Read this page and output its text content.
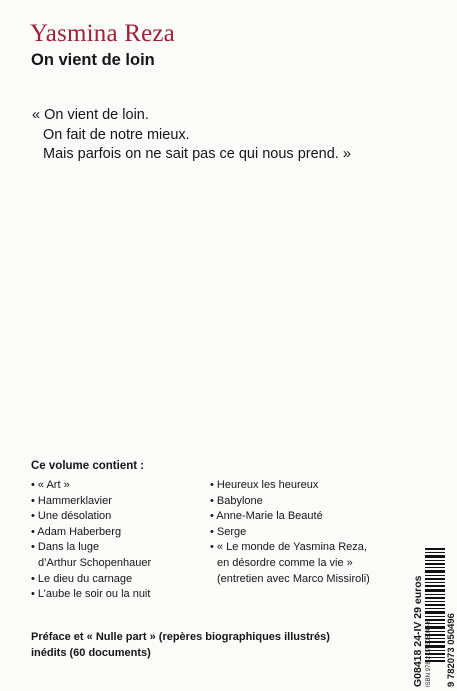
Yasmina Reza
On vient de loin
« On vient de loin.
On fait de notre mieux.
Mais parfois on ne sait pas ce qui nous prend. »
Ce volume contient :
• « Art »
• Hammerklavier
• Une désolation
• Adam Haberberg
• Dans la luge
d’Arthur Schopenhauer
• Le dieu du carnage
• L’aube le soir ou la nuit
• Heureux les heureux
• Babylone
• Anne-Marie la Beauté
• Serge
• « Le monde de Yasmina Reza,
en désordre comme la vie »
(entretien avec Marco Missiroli)
Préface et « Nulle part » (repères biographiques illustrés)
inédits (60 documents)	G08418 24-IV 29 euros ISBN 978-2-07-305049-6 9 782073 050496
